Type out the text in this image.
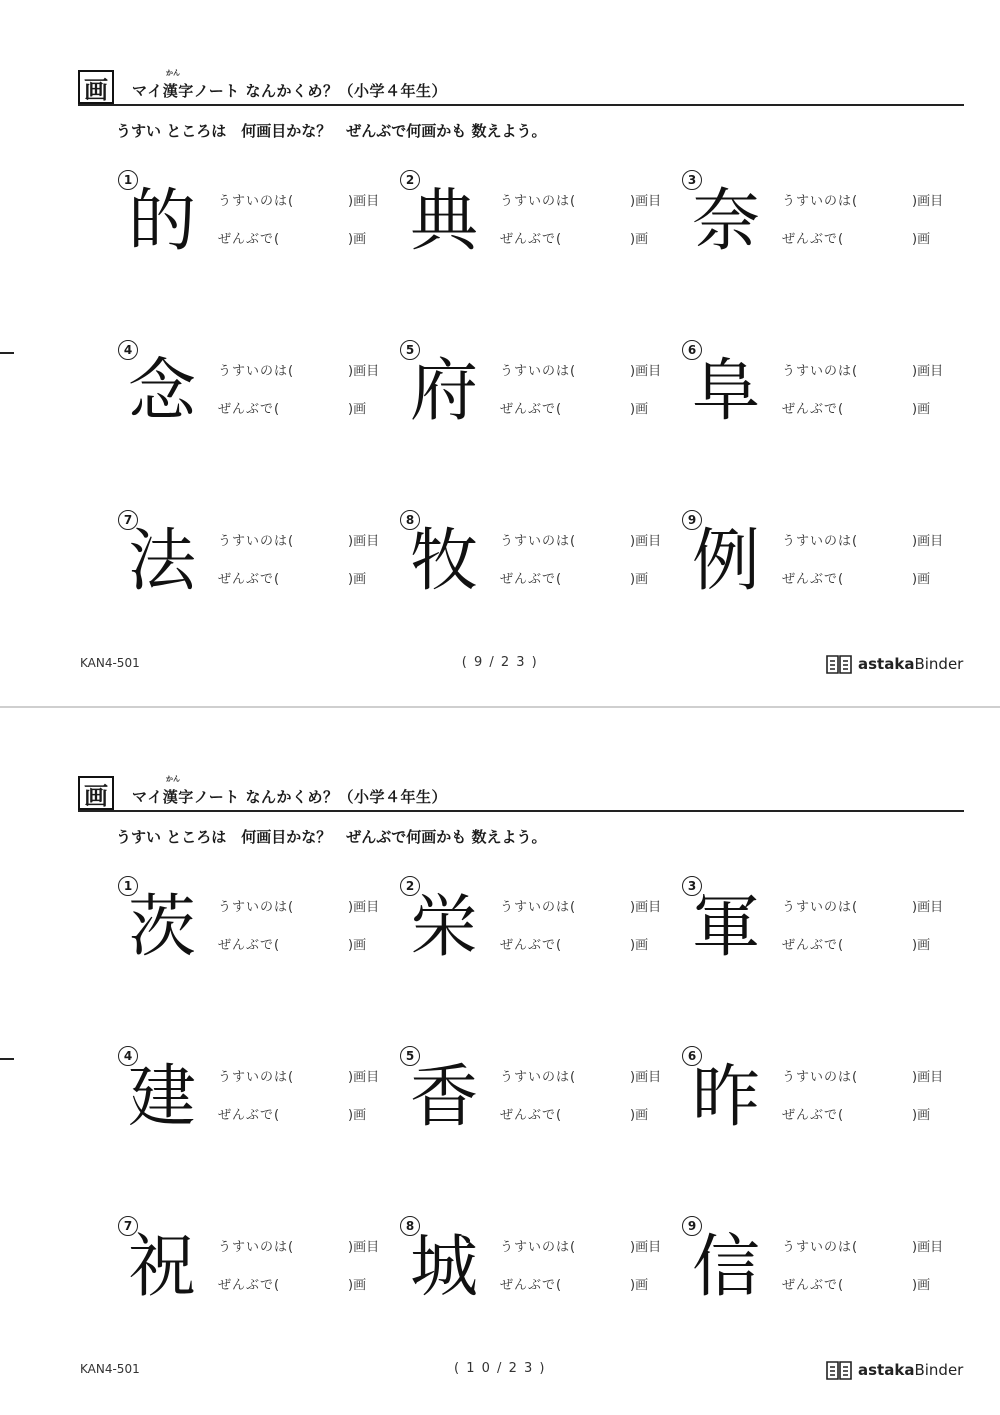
画
かん
マイ漢字ノート なんかくめ？（小学４年生）
うすい ところは　何画目かな？　ぜんぶで何画かも 数えよう。
1
的 うすいのは(	)画目
ぜんぶで(	)画
2
典 うすいのは(	)画目
ぜんぶで(	)画
3
奈 うすいのは(	)画目
ぜんぶで(	)画
4
念 うすいのは(	)画目
ぜんぶで(	)画
5
府 うすいのは(	)画目
ぜんぶで(	)画
6
阜 うすいのは(	)画目
ぜんぶで(	)画
7
法 うすいのは(	)画目
ぜんぶで(	)画
8
牧 うすいのは(	)画目
ぜんぶで(	)画
9
例 うすいのは(	)画目
ぜんぶで(	)画
KAN4-501	( 9 / 2 3 )	astakaBinder
画
かん
マイ漢字ノート なんかくめ？（小学４年生）
うすい ところは　何画目かな？　ぜんぶで何画かも 数えよう。
1
茨 うすいのは(	)画目
ぜんぶで(	)画
2
栄 うすいのは(	)画目
ぜんぶで(	)画
3
軍 うすいのは(	)画目
ぜんぶで(	)画
4
建 うすいのは(	)画目
ぜんぶで(	)画
5
香 うすいのは(	)画目
ぜんぶで(	)画
6
昨 うすいのは(	)画目
ぜんぶで(	)画
7
祝 うすいのは(	)画目
ぜんぶで(	)画
8
城 うすいのは(	)画目
ぜんぶで(	)画
9
信 うすいのは(	)画目
ぜんぶで(	)画
KAN4-501	( 1 0 / 2 3 )	astakaBinder
